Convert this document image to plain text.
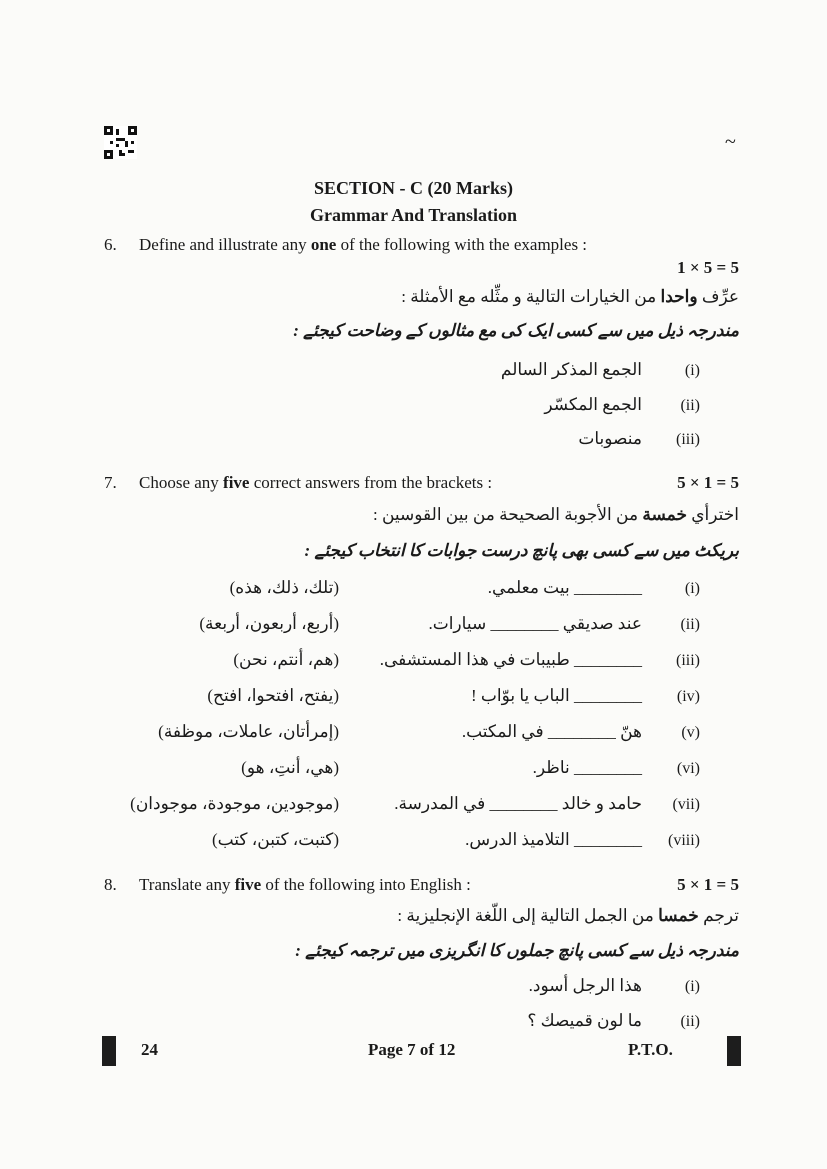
~
SECTION - C (20 Marks)
Grammar And Translation
6. Define and illustrate any one of the following with the examples :
1 × 5 = 5
عرِّف واحدا من الخيارات التالية و مثِّله مع الأمثلة :
مندرجہ ذیل میں سے کسی ایک کی مع مثالوں کے وضاحت کیجئے :
(i)
الجمع المذكر السالم
(ii)
الجمع المكسّر
(iii)
منصوبات
7. Choose any five correct answers from the brackets :	5 × 1 = 5
اخترأي خمسة من الأجوبة الصحيحة من بين القوسين :
بریکٹ میں سے کسی بھی پانچ درست جوابات کا انتخاب کیجئے :
(i)
________ بيت معلمي.
(تلك، ذلك، هذه)
(ii)
عند صديقي ________ سيارات.
(أربع، أربعون، أربعة)
(iii)
________ طبيبات في هذا المستشفى.
(هم، أنتم، نحن)
(iv)
________ الباب يا بوّاب !
(يفتح، افتحوا، افتح)
(v)
هنّ ________ في المكتب.
(إمرأتان، عاملات، موظفة)
(vi)
________ ناظر.
(هي، أنتِ، هو)
(vii)
حامد و خالد ________ في المدرسة.
(موجودين، موجودة، موجودان)
(viii)
________ التلاميذ الدرس.
(كتبت، كتبن، كتب)
8. Translate any five of the following into English :	5 × 1 = 5
ترجم خمسا من الجمل التالية إلى اللّغة الإنجليزية :
مندرجہ ذیل سے کسی پانچ جملوں کا انگریزی میں ترجمہ کیجئے :
(i)
هذا الرجل أسود.
(ii)
ما لون قميصك ؟
24	Page 7 of 12	P.T.O.
